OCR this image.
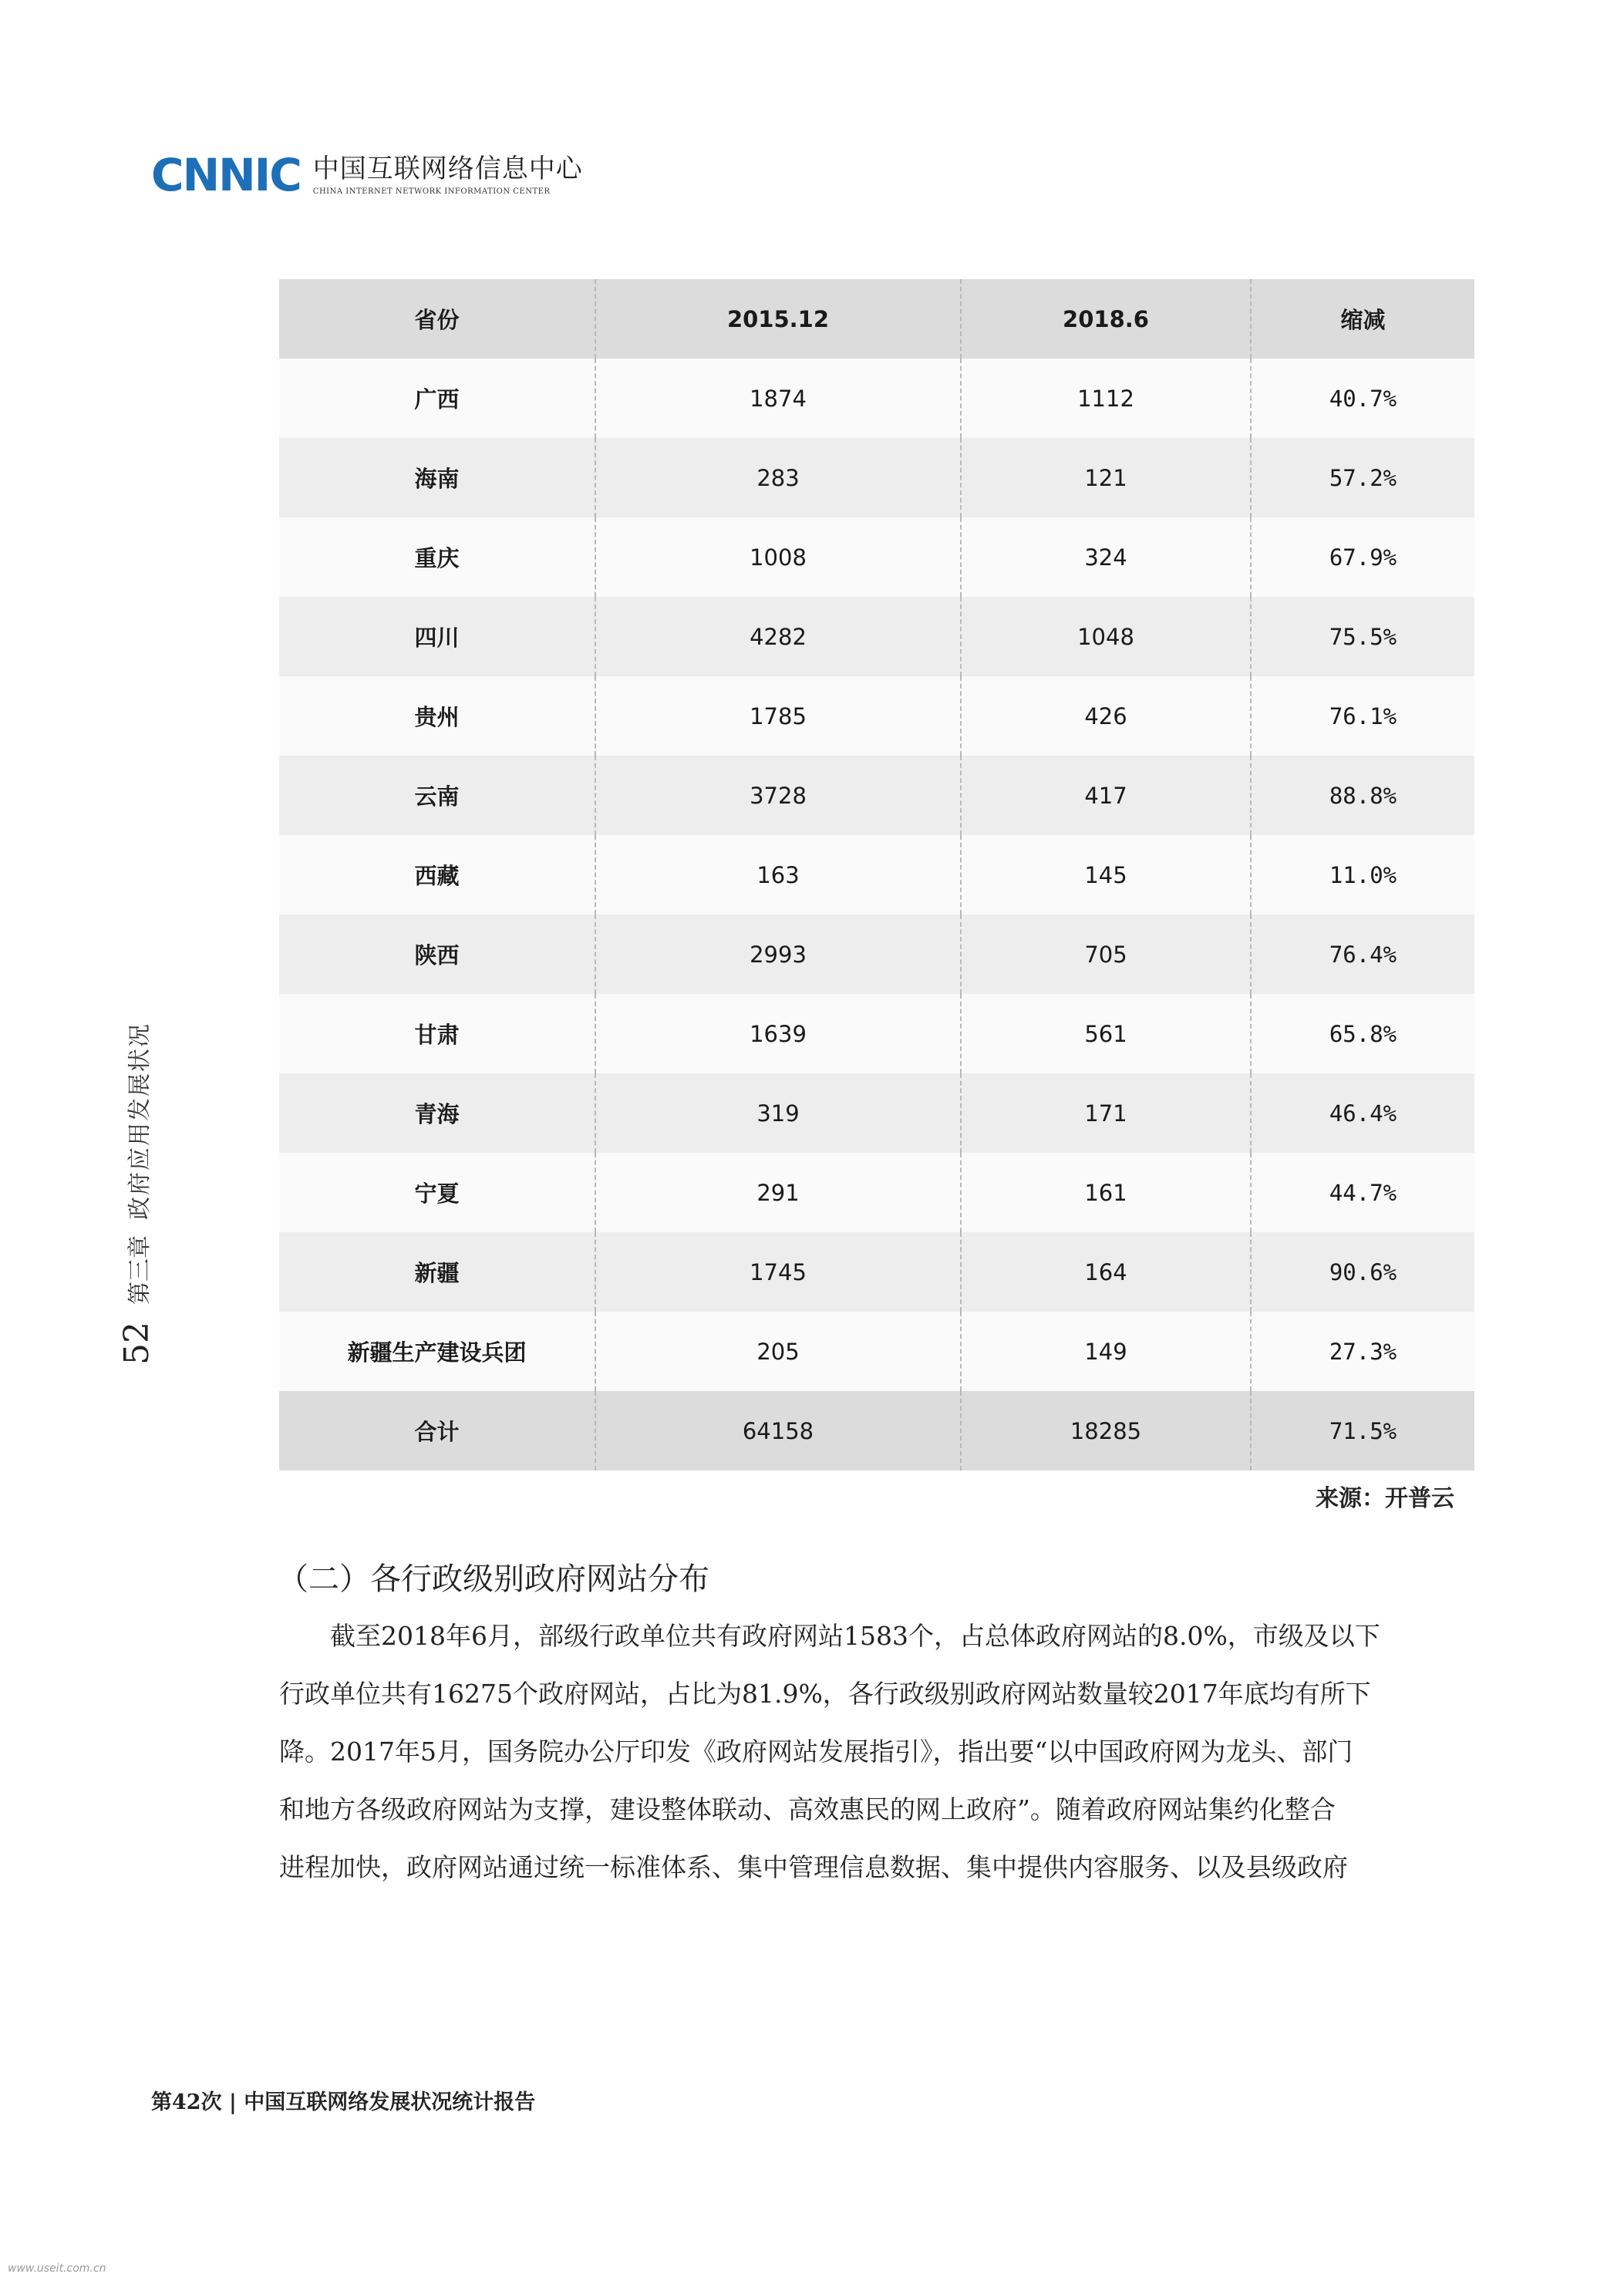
CNNIC 中国互联网络信息中心
CHINA INTERNET NETWORK INFORMATION CENTER
52
第三章
政府应用发展状况
省份	2015.12	2018.6	缩减
广西	1874	1112	40.7%
海南	283	121	57.2%
重庆	1008	324	67.9%
四川	4282	1048	75.5%
贵州	1785	426	76.1%
云南	3728	417	88.8%
西藏	163	145	11.0%
陕西	2993	705	76.4%
甘肃	1639	561	65.8%
青海	319	171	46.4%
宁夏	291	161	44.7%
新疆	1745	164	90.6%
新疆生产建设兵团	205	149	27.3%
合计	64158	18285	71.5%
来源：开普云
（二）各行政级别政府网站分布
　　截至2018年6月，部级行政单位共有政府网站1583个，占总体政府网站的8.0%，市级及以下
行政单位共有16275个政府网站，占比为81.9%，各行政级别政府网站数量较2017年底均有所下
降。2017年5月，国务院办公厅印发《政府网站发展指引》，指出要“以中国政府网为龙头、部门
和地方各级政府网站为支撑，建设整体联动、高效惠民的网上政府”。随着政府网站集约化整合
进程加快，政府网站通过统一标准体系、集中管理信息数据、集中提供内容服务、以及县级政府
第42次 | 中国互联网络发展状况统计报告
www.useit.com.cn
